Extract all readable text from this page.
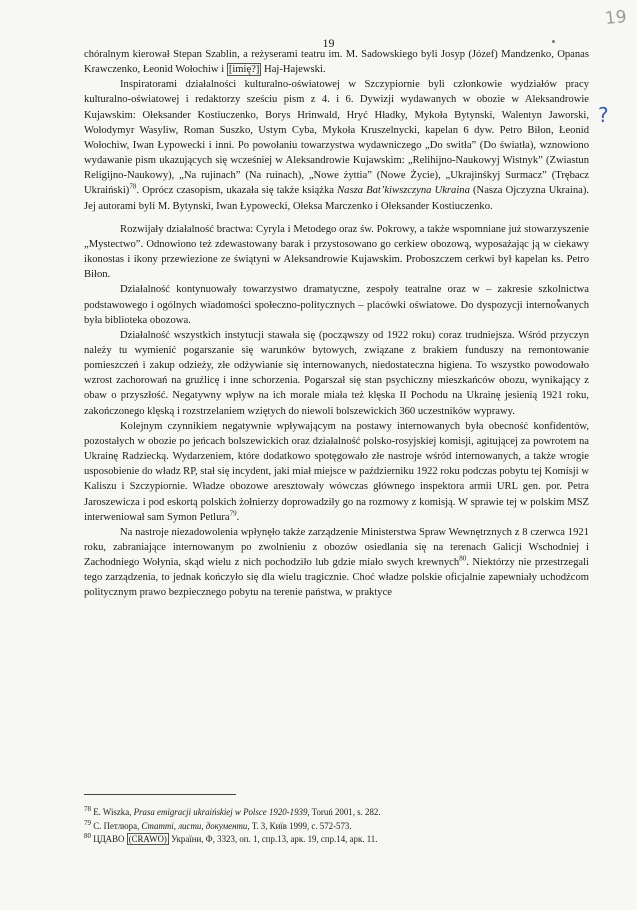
19
19
?

chóralnym kierował Stepan Szablin, a reżyserami teatru im. M. Sadowskiego byli Josyp (Józef) Mandzenko, Opanas Krawczenko, Łeonid Wołochiw i [imię?] Haj-Hajewski.

Inspiratorami działalności kulturalno-oświatowej w Szczypiornie byli członkowie wydziałów pracy kulturalno-oświatowej i redaktorzy sześciu pism z 4. i 6. Dywizji wydawanych w obozie w Aleksandrowie Kujawskim: Ołeksander Kostiuczenko, Borys Hrinwald, Hryć Hładky, Mykoła Bytynski, Walentyn Jaworski, Wołodymyr Wasyliw, Roman Suszko, Ustym Cyba, Mykoła Kruszelnycki, kapelan 6 dyw. Petro Biłon, Łeonid Wołochiw, Iwan Łypowecki i inni. Po powołaniu towarzystwa wydawniczego „Do switła” (Do światła), wznowiono wydawanie pism ukazujących się wcześniej w Aleksandrowie Kujawskim: „Relihijno-Naukowyj Wistnyk” (Zwiastun Religijno-Naukowy), „Na rujinach” (Na ruinach), „Nowe żyttia” (Nowe Życie), „Ukrajinśkyj Surmacz” (Trębacz Ukraiński)$^{78}$. Oprócz czasopism, ukazała się także książka Nasza Bat’kiwszczyna Ukraina (Nasza Ojczyzna Ukraina). Jej autorami byli M. Bytynski, Iwan Łypowecki, Ołeksa Marczenko i Ołeksander Kostiuczenko.

Rozwijały działalność bractwa: Cyryla i Metodego oraz św. Pokrowy, a także wspomniane już stowarzyszenie „Mystectwo”. Odnowiono też zdewastowany barak i przystosowano go cerkiew obozową, wyposażając ją w ciekawy ikonostas i ikony przewiezione ze świątyni w Aleksandrowie Kujawskim. Proboszczem cerkwi był kapelan ks. Petro Biłon.

Działalność kontynuowały towarzystwo dramatyczne, zespoły teatralne oraz w – zakresie szkolnictwa podstawowego i ogólnych wiadomości społeczno-politycznych – placówki oświatowe. Do dyspozycji internowanych była biblioteka obozowa.

Działalność wszystkich instytucji stawała się (począwszy od 1922 roku) coraz trudniejsza. Wśród przyczyn należy tu wymienić pogarszanie się warunków bytowych, związane z brakiem funduszy na remontowanie pomieszczeń i zakup odzieży, złe odżywianie się internowanych, niedostateczna higiena. To wszystko powodowało wzrost zachorowań na gruźlicę i inne schorzenia. Pogarszał się stan psychiczny mieszkańców obozu, wynikający z obaw o przyszłość. Negatywny wpływ na ich morale miała też klęska II Pochodu na Ukrainę jesienią 1921 roku, zakończonego klęską i rozstrzelaniem wziętych do niewoli bolszewickich 360 uczestników wyprawy.

Kolejnym czynnikiem negatywnie wpływającym na postawy internowanych była obecność konfidentów, pozostałych w obozie po jeńcach bolszewickich oraz działalność polsko-rosyjskiej komisji, agitującej za powrotem na Ukrainę Radziecką. Wydarzeniem, które dodatkowo spotęgowało złe nastroje wśród internowanych, a także wrogie usposobienie do władz RP, stał się incydent, jaki miał miejsce w październiku 1922 roku podczas pobytu tej Komisji w Kaliszu i Szczypiornie. Władze obozowe aresztowały wówczas głównego inspektora armii URL gen. por. Petra Jaroszewicza i pod eskortą polskich żołnierzy doprowadziły go na rozmowy z komisją. W sprawie tej w polskim MSZ interweniował sam Symon Petlura$^{79}$.

Na nastroje niezadowolenia wpłynęło także zarządzenie Ministerstwa Spraw Wewnętrznych z 8 czerwca 1921 roku, zabraniające internowanym po zwolnieniu z obozów osiedlania się na terenach Galicji Wschodniej i Zachodniego Wołynia, skąd wielu z nich pochodziło lub gdzie miało swych krewnych$^{80}$. Niektórzy nie przestrzegali tego zarządzenia, to jednak kończyło się dla wielu tragicznie. Choć władze polskie oficjalnie zapewniały uchodźcom politycznym prawo bezpiecznego pobytu na terenie państwa, w praktyce

$^{78}$ E. Wiszka, Prasa emigracji ukraińskiej w Polsce 1920-1939, Toruń 2001, s. 282.
$^{79}$ С. Петлюра, Статті, листи, документи, Т. 3, Київ 1999, с. 572-573.
$^{80}$ ЦДАВО (CRAWO) України, Ф, 3323, оп. 1, спр.13, арк. 19, спр.14, арк. 11.
